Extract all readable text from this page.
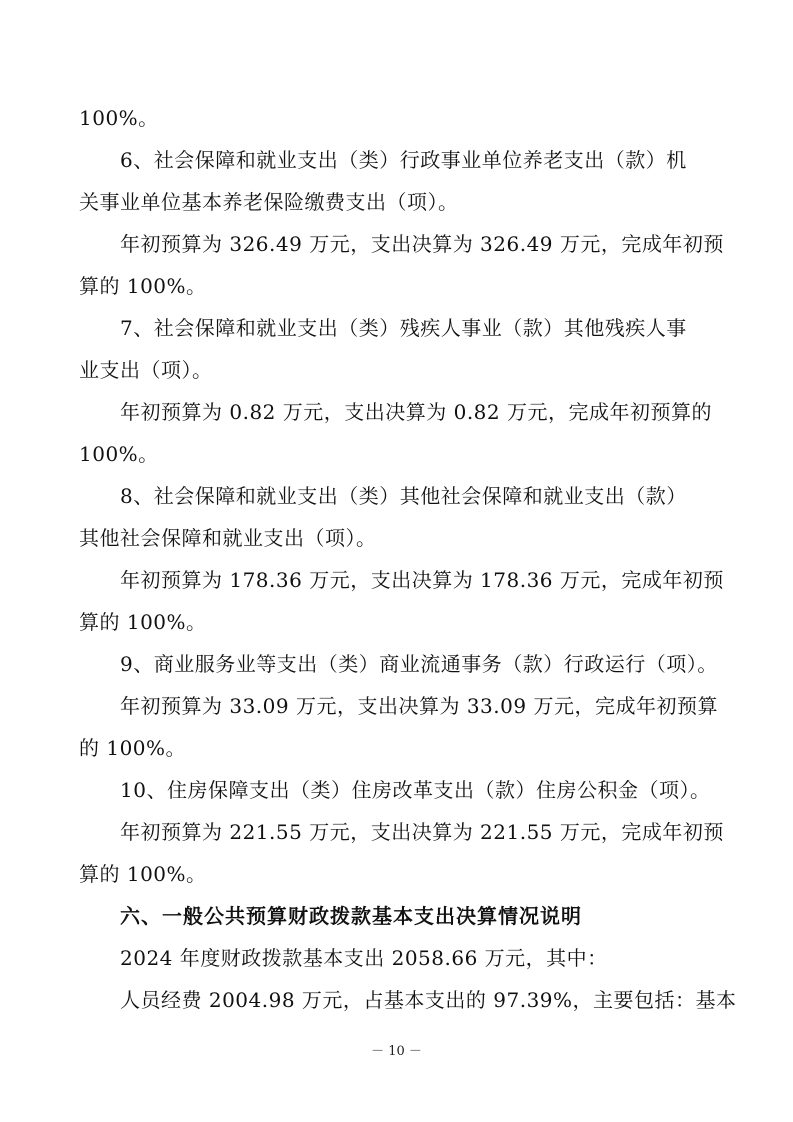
100%。
6、社会保障和就业支出（类）行政事业单位养老支出（款）机
关事业单位基本养老保险缴费支出（项）。
年初预算为 326.49 万元，支出决算为 326.49 万元，完成年初预
算的 100%。
7、社会保障和就业支出（类）残疾人事业（款）其他残疾人事
业支出（项）。
年初预算为 0.82 万元，支出决算为 0.82 万元，完成年初预算的
100%。
8、社会保障和就业支出（类）其他社会保障和就业支出（款）
其他社会保障和就业支出（项）。
年初预算为 178.36 万元，支出决算为 178.36 万元，完成年初预
算的 100%。
9、商业服务业等支出（类）商业流通事务（款）行政运行（项）。
年初预算为 33.09 万元，支出决算为 33.09 万元，完成年初预算
的 100%。
10、住房保障支出（类）住房改革支出（款）住房公积金（项）。
年初预算为 221.55 万元，支出决算为 221.55 万元，完成年初预
算的 100%。
六、一般公共预算财政拨款基本支出决算情况说明
2024 年度财政拨款基本支出 2058.66 万元，其中：
人员经费 2004.98 万元，占基本支出的 97.39%，主要包括：基本
－ 10 －
